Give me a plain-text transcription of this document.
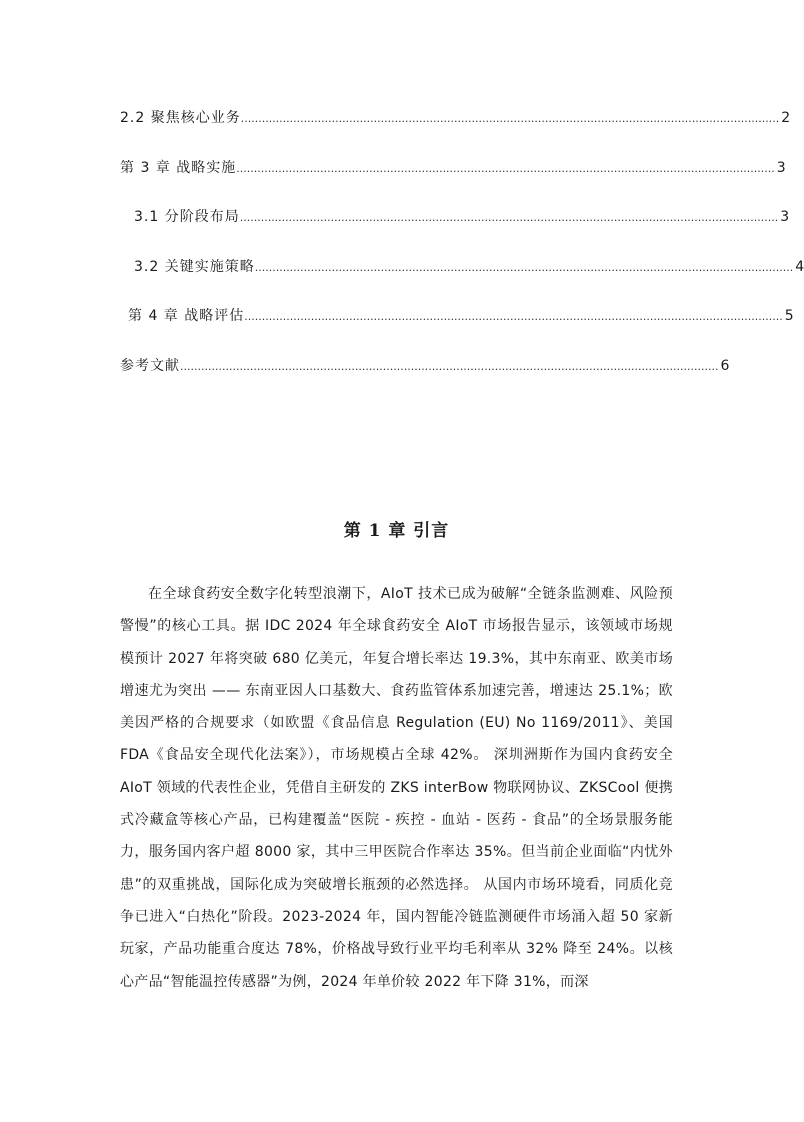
2.2 聚焦核心业务 .......................................................................................................................................................... 2
第 3 章 战略实施 .......................................................................................................................................................... 3
3.1 分阶段布局 .......................................................................................................................................................... 3
3.2 关键实施策略 .......................................................................................................................................................... 4
第 4 章 战略评估 .......................................................................................................................................................... 5
参考文献 .......................................................................................................................................................... 6
第 1 章 引言

在全球食药安全数字化转型浪潮下，AIoT 技术已成为破解“全链条监测难、风险预警慢”的核心工具。据 IDC 2024 年全球食药安全 AIoT 市场报告显示，该领域市场规模预计 2027 年将突破 680 亿美元，年复合增长率达 19.3%，其中东南亚、欧美市场增速尤为突出 —— 东南亚因人口基数大、食药监管体系加速完善，增速达 25.1%；欧美因严格的合规要求（如欧盟《食品信息 Regulation (EU) No 1169/2011》、美国 FDA《食品安全现代化法案》），市场规模占全球 42%。 深圳洲斯作为国内食药安全 AIoT 领域的代表性企业，凭借自主研发的 ZKS interBow 物联网协议、ZKSCool 便携式冷藏盒等核心产品，已构建覆盖“医院 - 疾控 - 血站 - 医药 - 食品”的全场景服务能力，服务国内客户超 8000 家，其中三甲医院合作率达 35%。但当前企业面临“内忧外患”的双重挑战，国际化成为突破增长瓶颈的必然选择。 从国内市场环境看，同质化竞争已进入“白热化”阶段。2023-2024 年，国内智能冷链监测硬件市场涌入超 50 家新玩家，产品功能重合度达 78%，价格战导致行业平均毛利率从 32% 降至 24%。以核心产品“智能温控传感器”为例，2024 年单价较 2022 年下降 31%，而深
